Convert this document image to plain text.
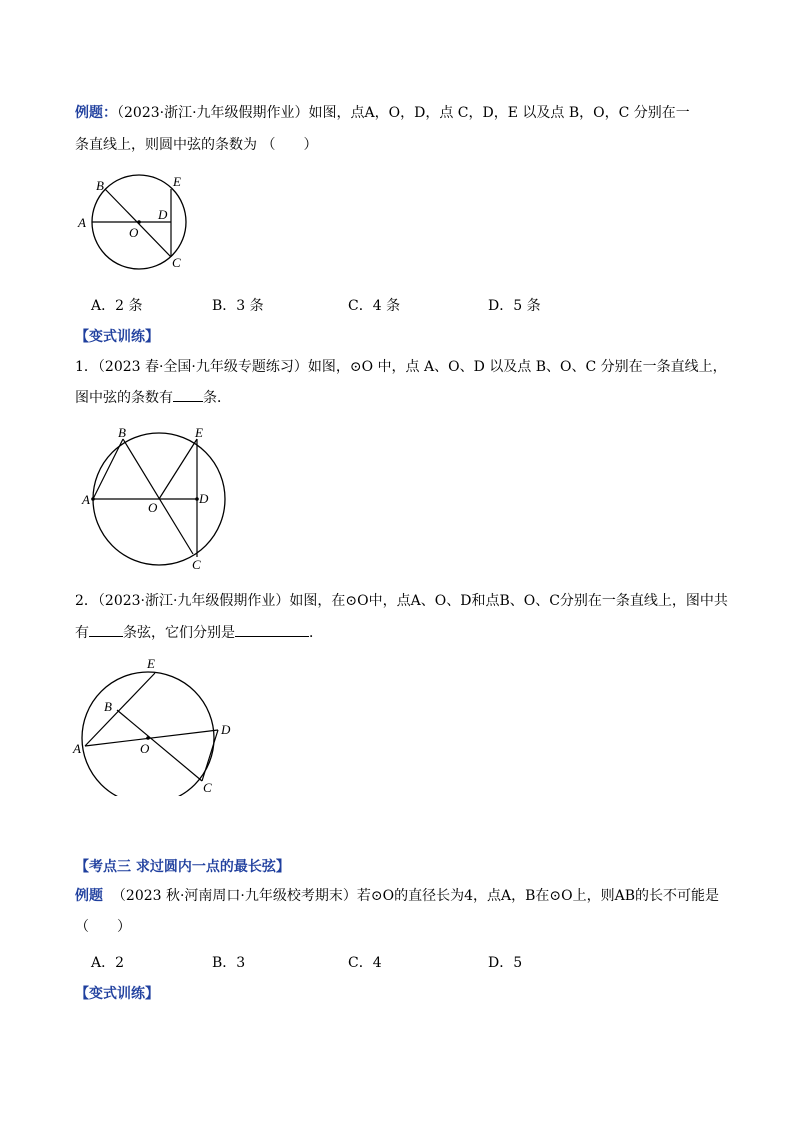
例题：（2023·浙江·九年级假期作业）如图，点A，O，D，点 C，D，E 以及点 B，O，C 分别在一
条直线上，则圆中弦的条数为 （　　）
B
A
O
D
E
C
A．2 条	B．3 条	C．4 条	D．5 条
【变式训练】
1．（2023 春·全国·九年级专题练习）如图，⊙O 中，点 A、O、D 以及点 B、O、C 分别在一条直线上，
图中弦的条数有 条．
B
A
O
D
E
C
2．（2023·浙江·九年级假期作业）如图，在⊙O中，点A、O、D和点B、O、C分别在一条直线上，图中共
有 条弦，它们分别是	．
B
A	O
D
E
C
【考点三 求过圆内一点的最长弦】
例题 （2023 秋·河南周口·九年级校考期末）若⊙O的直径长为4，点A，B在⊙O上，则AB的长不可能是
（　　）
A．2	B．3	C．4	D．5
【变式训练】
